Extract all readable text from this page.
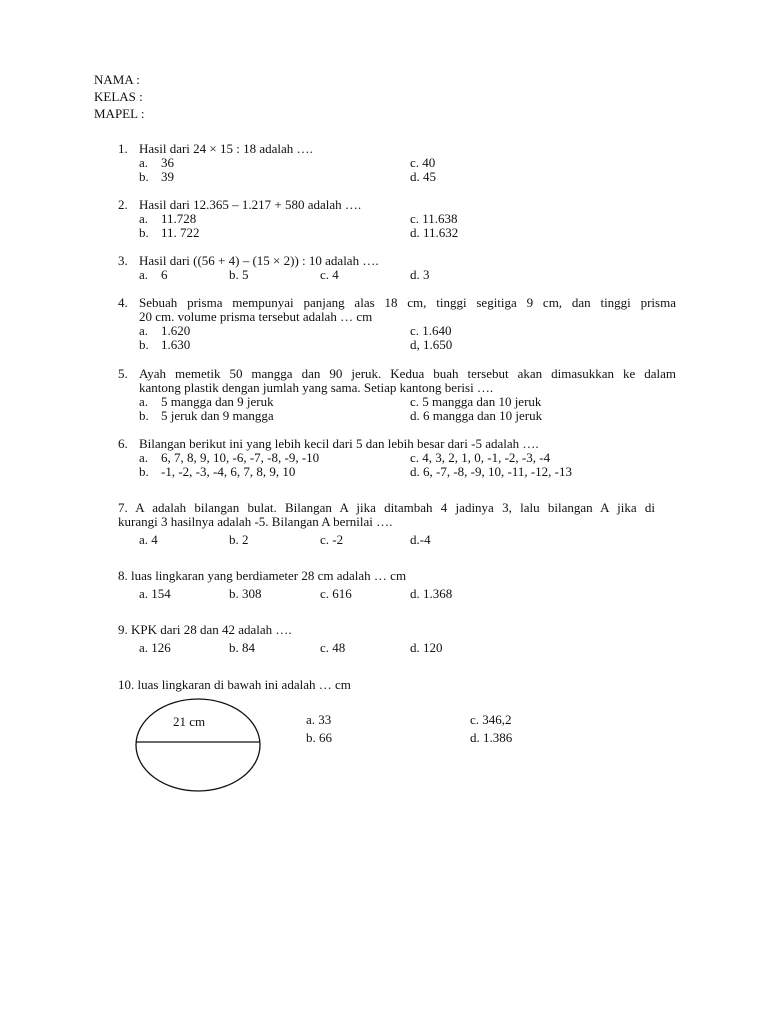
NAMA :
KELAS :
MAPEL :
1. Hasil dari 24 × 15 : 18 adalah ….
a. 36	c. 40
b. 39	d. 45
2. Hasil dari 12.365 – 1.217 + 580 adalah ….
a. 11.728	c. 11.638
b. 11. 722	d. 11.632
3. Hasil dari ((56 + 4) – (15 × 2)) : 10 adalah ….
a. 6	b. 5	c. 4	d. 3
4. Sebuah prisma mempunyai panjang alas 18 cm, tinggi segitiga 9 cm, dan tinggi prisma
20 cm. volume prisma tersebut adalah … cm
a. 1.620	c. 1.640
b. 1.630	d, 1.650
5. Ayah memetik 50 mangga dan 90 jeruk. Kedua buah tersebut akan dimasukkan ke dalam
kantong plastik dengan jumlah yang sama. Setiap kantong berisi ….
a. 5 mangga dan 9 jeruk	c. 5 mangga dan 10 jeruk
b. 5 jeruk dan 9 mangga	d. 6 mangga dan 10 jeruk
6. Bilangan berikut ini yang lebih kecil dari 5 dan lebih besar dari -5 adalah ….
a. 6, 7, 8, 9, 10, -6, -7, -8, -9, -10	c. 4, 3, 2, 1, 0, -1, -2, -3, -4
b. -1, -2, -3, -4, 6, 7, 8, 9, 10	d. 6, -7, -8, -9, 10, -11, -12, -13
7. A adalah bilangan bulat. Bilangan A jika ditambah 4 jadinya 3, lalu bilangan A jika di
kurangi 3 hasilnya adalah -5. Bilangan A bernilai ….
a. 4	b. 2	c. -2	d.-4
8. luas lingkaran yang berdiameter 28 cm adalah … cm
a. 154	b. 308	c. 616	d. 1.368
9. KPK dari 28 dan 42 adalah ….
a. 126	b. 84	c. 48	d. 120
10. luas lingkaran di bawah ini adalah … cm
21 cm	a. 33	c. 346,2
b. 66	d. 1.386
